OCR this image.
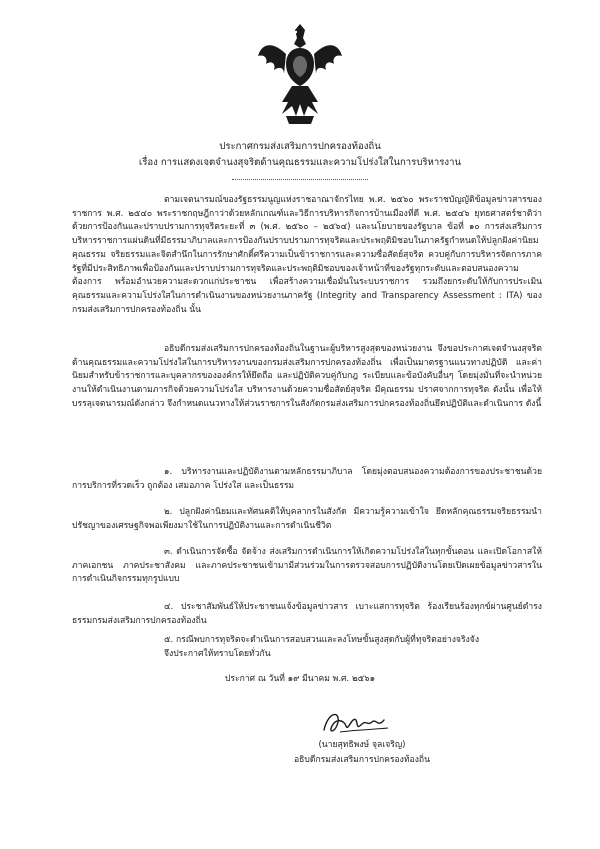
ประกาศกรมส่งเสริมการปกครองท้องถิ่น
เรื่อง การแสดงเจตจำนงสุจริตด้านคุณธรรมและความโปร่งใสในการบริหารงาน
ตามเจตนารมณ์ของรัฐธรรมนูญแห่งราชอาณาจักรไทย พ.ศ. ๒๕๖๐ พระราชบัญญัติข้อมูลข่าวสารของราชการ พ.ศ. ๒๕๔๐ พระราชกฤษฎีกาว่าด้วยหลักเกณฑ์และวิธีการบริหารกิจการบ้านเมืองที่ดี พ.ศ. ๒๕๔๖ ยุทธศาสตร์ชาติว่าด้วยการป้องกันและปราบปรามการทุจริตระยะที่ ๓ (พ.ศ. ๒๕๖๐ – ๒๕๖๔) และนโยบายของรัฐบาล ข้อที่ ๑๐ การส่งเสริมการบริหารราชการแผ่นดินที่มีธรรมาภิบาลและการป้องกันปราบปรามการทุจริตและประพฤติมิชอบในภาครัฐกำหนดให้ปลูกฝังค่านิยมคุณธรรม จริยธรรมและจิตสำนึกในการรักษาศักดิ์ศรีความเป็นข้าราชการและความซื่อสัตย์สุจริต ควบคู่กับการบริหารจัดการภาครัฐที่มีประสิทธิภาพเพื่อป้องกันและปราบปรามการทุจริตและประพฤติมิชอบของเจ้าหน้าที่ของรัฐทุกระดับและตอบสนองความต้องการ พร้อมอำนวยความสะดวกแก่ประชาชน เพื่อสร้างความเชื่อมั่นในระบบราชการ รวมถึงยกระดับให้กับการประเมินคุณธรรมและความโปร่งใสในการดำเนินงานของหน่วยงานภาครัฐ (Integrity and Transparency Assessment : ITA) ของกรมส่งเสริมการปกครองท้องถิ่น นั้น
อธิบดีกรมส่งเสริมการปกครองท้องถิ่นในฐานะผู้บริหารสูงสุดของหน่วยงาน จึงขอประกาศเจตจำนงสุจริตด้านคุณธรรมและความโปร่งใสในการบริหารงานของกรมส่งเสริมการปกครองท้องถิ่น เพื่อเป็นมาตรฐานแนวทางปฏิบัติ และค่านิยมสำหรับข้าราชการและบุคลากรขององค์กรให้ยึดถือ และปฏิบัติควบคู่กับกฎ ระเบียบและข้อบังคับอื่นๆ โดยมุ่งมั่นที่จะนำหน่วยงานให้ดำเนินงานตามภารกิจด้วยความโปร่งใส บริหารงานด้วยความซื่อสัตย์สุจริต มีคุณธรรม ปราศจากการทุจริต ดังนั้น เพื่อให้บรรลุเจตนารมณ์ดังกล่าว จึงกำหนดแนวทางให้ส่วนราชการในสังกัดกรมส่งเสริมการปกครองท้องถิ่นยึดปฏิบัติและดำเนินการ ดังนี้
๑. บริหารงานและปฏิบัติงานตามหลักธรรมาภิบาล โดยมุ่งตอบสนองความต้องการของประชาชนด้วยการบริการที่รวดเร็ว ถูกต้อง เสมอภาค โปร่งใส และเป็นธรรม
๒. ปลูกฝังค่านิยมและทัศนคติให้บุคลากรในสังกัด มีความรู้ความเข้าใจ ยึดหลักคุณธรรมจริยธรรมนำปรัชญาของเศรษฐกิจพอเพียงมาใช้ในการปฏิบัติงานและการดำเนินชีวิต
๓. ดำเนินการจัดซื้อ จัดจ้าง ส่งเสริมการดำเนินการให้เกิดความโปร่งใสในทุกขั้นตอน และเปิดโอกาสให้ภาคเอกชน ภาคประชาสังคม และภาคประชาชนเข้ามามีส่วนร่วมในการตรวจสอบการปฏิบัติงานโดยเปิดเผยข้อมูลข่าวสารในการดำเนินกิจกรรมทุกรูปแบบ
๔. ประชาสัมพันธ์ให้ประชาชนแจ้งข้อมูลข่าวสาร เบาะแสการทุจริต ร้องเรียนร้องทุกข์ผ่านศูนย์ดำรงธรรมกรมส่งเสริมการปกครองท้องถิ่น
๕. กรณีพบการทุจริตจะดำเนินการสอบสวนและลงโทษขั้นสูงสุดกับผู้ที่ทุจริตอย่างจริงจัง
จึงประกาศให้ทราบโดยทั่วกัน
ประกาศ ณ วันที่ ๑๙ มีนาคม พ.ศ. ๒๕๖๑
(นายสุทธิพงษ์ จุลเจริญ)
อธิบดีกรมส่งเสริมการปกครองท้องถิ่น
